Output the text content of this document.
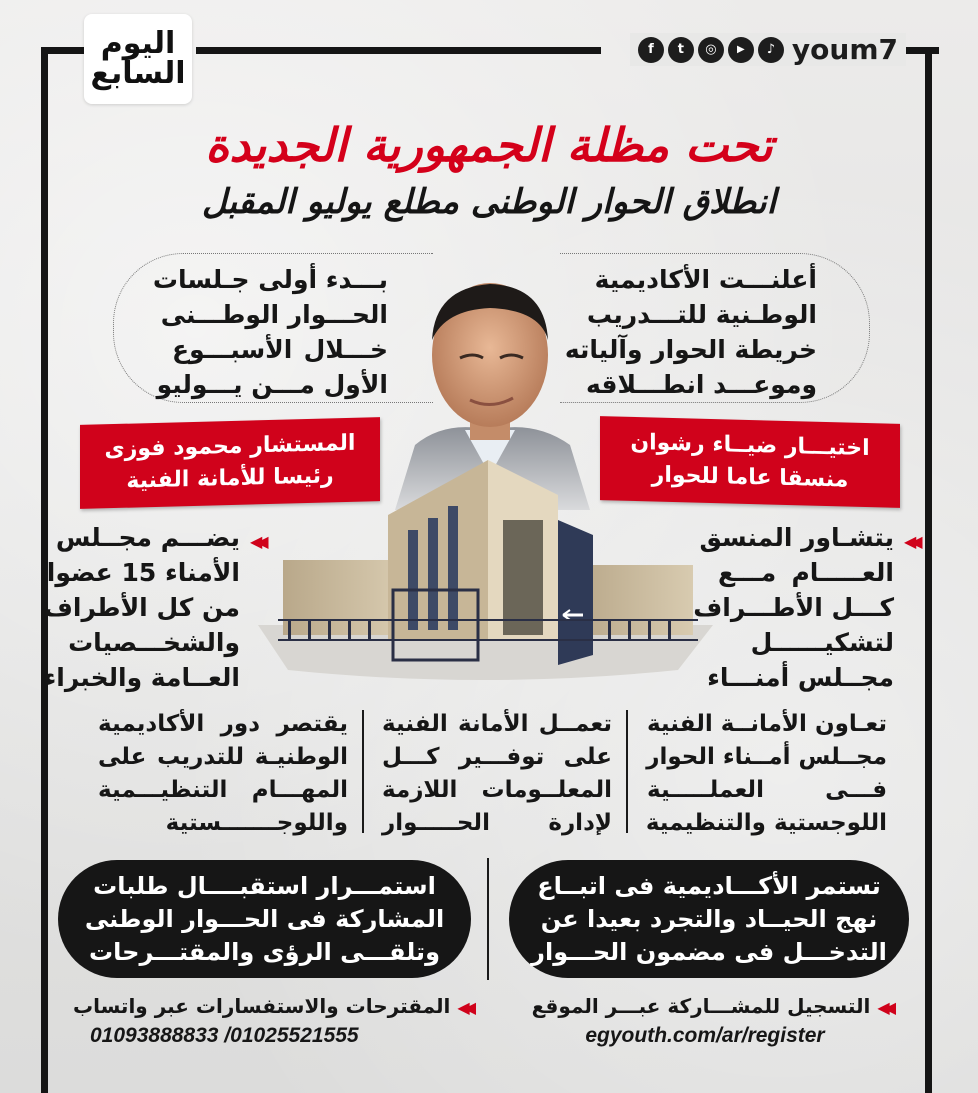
اليوم
السابع
f	t	◎	▶	♪ youm7
تحت مظلة الجمهورية الجديدة
انطلاق الحوار الوطنى مطلع يوليو المقبل
بـــدء أولى جـلسات
الحـــوار الوطـــنى
خـــلال الأسبـــوع
الأول مـــن يـــوليو
أعلنـــت الأكاديمية
الوطـنية للتـــدريب
خريطة الحوار وآلياته
وموعـــد انطـــلاقه
المستشار محمود فوزى
رئيسا للأمانة الفنية
اختيـــار ضيــاء رشوان
منسقا عاما للحوار
◀◀
يضـــم مجــلس
الأمناء 15 عضوا
من كل الأطراف
والشخـــصيات
العــامة والخبراء
◀◀
يتشـاور المنسق
العـــــام مـــع
كـــل الأطـــراف
لتشكيــــــل
مجــلس أمنـــاء
تعـاون الأمانــة الفنية
مجــلس أمــناء الحوار
فـــى العملـــــية
اللوجستية والتنظيمية
تعمــل الأمانة الفنية
على توفـــير كـــل
المعلــومات اللازمة
لإدارة الحـــــوار
يقتصر دور الأكاديمية
الوطنيـة للتدريب على
المهـــام التنظيـــمية
واللوجـــــــستية
استمـــرار استقبــــال طلبات
المشاركة فى الحـــوار الوطنى
وتلقـــى الرؤى والمقتـــرحات
تستمر الأكـــاديمية فى اتبــاع
نهج الحيــاد والتجرد بعيدا عن
التدخـــل فى مضمون الحـــوار
◀◀ التسجيل للمشـــاركة عبـــر الموقع
egyouth.com/ar/register
◀◀ المقترحات والاستفسارات عبر واتساب
01093888833 /01025521555
